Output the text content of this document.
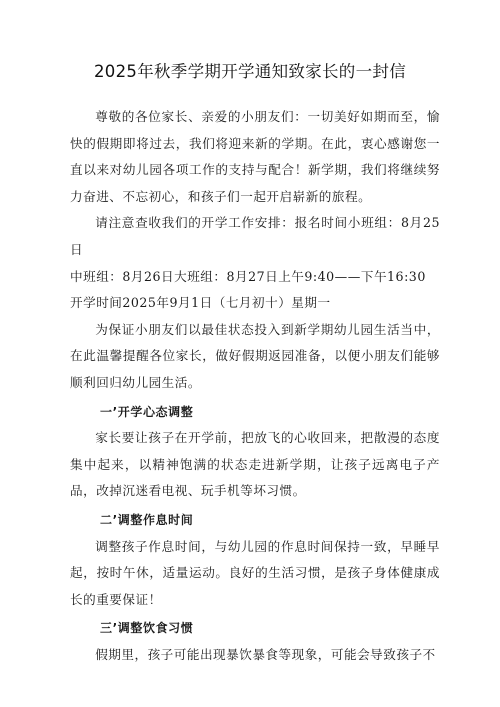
2025年秋季学期开学通知致家长的一封信

尊敬的各位家长、亲爱的小朋友们：一切美好如期而至，愉快的假期即将过去，我们将迎来新的学期。在此，衷心感谢您一直以来对幼儿园各项工作的支持与配合！新学期，我们将继续努力奋进、不忘初心，和孩子们一起开启崭新的旅程。

请注意查收我们的开学工作安排：报名时间小班组：8月25日

中班组：8月26日大班组：8月27日上午9:40——下午16:30

开学时间2025年9月1日（七月初十）星期一

为保证小朋友们以最佳状态投入到新学期幼儿园生活当中，在此温馨提醒各位家长，做好假期返园准备，以便小朋友们能够顺利回归幼儿园生活。

一’开学心态调整

家长要让孩子在开学前，把放飞的心收回来，把散漫的态度集中起来，以精神饱满的状态走进新学期，让孩子远离电子产品，改掉沉迷看电视、玩手机等坏习惯。

二’调整作息时间

调整孩子作息时间，与幼儿园的作息时间保持一致，早睡早起，按时午休，适量运动。良好的生活习惯，是孩子身体健康成长的重要保证！

三’调整饮食习惯

假期里，孩子可能出现暴饮暴食等现象，可能会导致孩子不
